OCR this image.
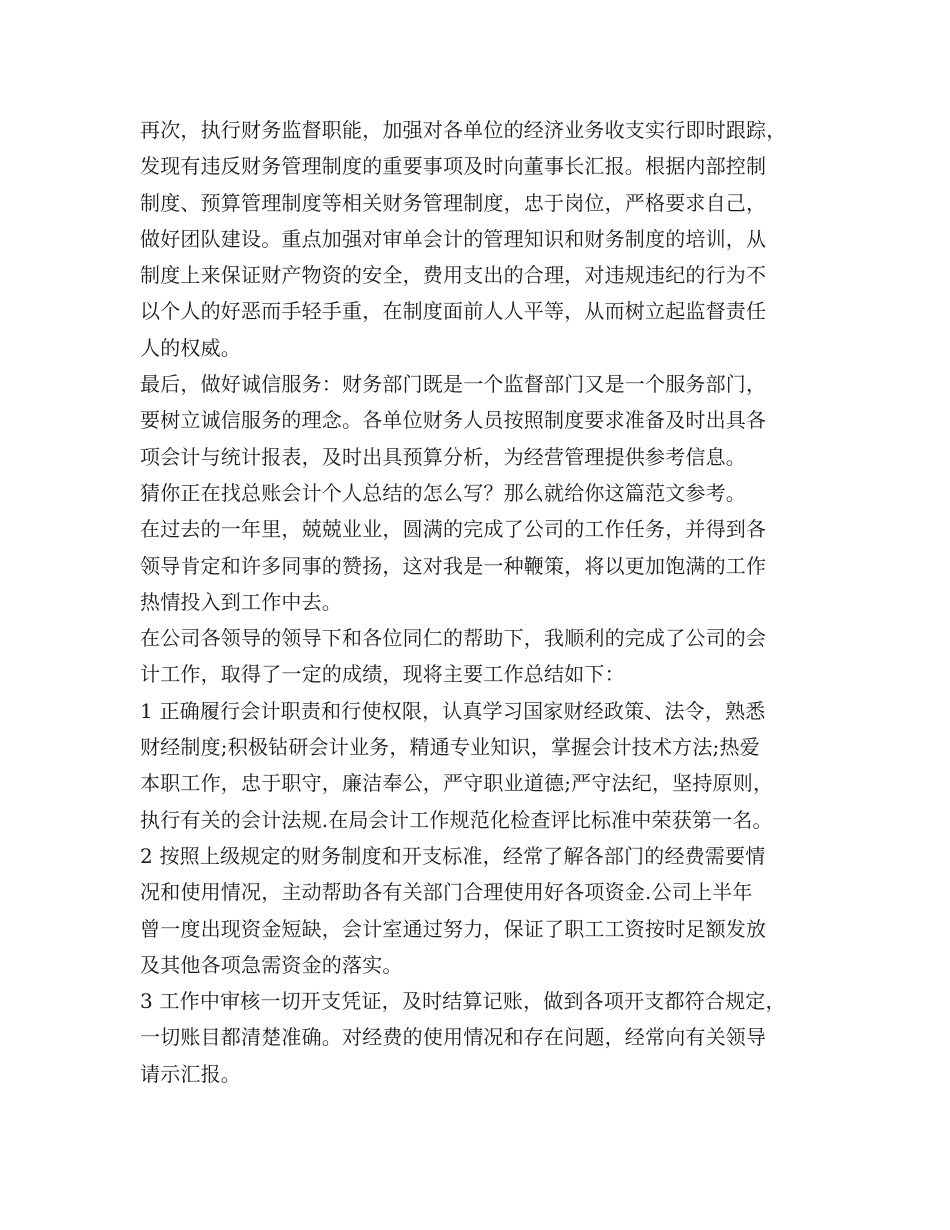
再次，执行财务监督职能，加强对各单位的经济业务收支实行即时跟踪，
发现有违反财务管理制度的重要事项及时向董事长汇报。根据内部控制
制度、预算管理制度等相关财务管理制度，忠于岗位，严格要求自己，
做好团队建设。重点加强对审单会计的管理知识和财务制度的培训，从
制度上来保证财产物资的安全，费用支出的合理，对违规违纪的行为不
以个人的好恶而手轻手重，在制度面前人人平等，从而树立起监督责任
人的权威。
最后，做好诚信服务：财务部门既是一个监督部门又是一个服务部门，
要树立诚信服务的理念。各单位财务人员按照制度要求准备及时出具各
项会计与统计报表，及时出具预算分析，为经营管理提供参考信息。
猜你正在找总账会计个人总结的怎么写？那么就给你这篇范文参考。
在过去的一年里，兢兢业业，圆满的完成了公司的工作任务，并得到各
领导肯定和许多同事的赞扬，这对我是一种鞭策，将以更加饱满的工作
热情投入到工作中去。
在公司各领导的领导下和各位同仁的帮助下，我顺利的完成了公司的会
计工作，取得了一定的成绩，现将主要工作总结如下：
1 正确履行会计职责和行使权限，认真学习国家财经政策、法令，熟悉
财经制度;积极钻研会计业务，精通专业知识，掌握会计技术方法;热爱
本职工作，忠于职守，廉洁奉公，严守职业道德;严守法纪，坚持原则，
执行有关的会计法规.在局会计工作规范化检查评比标准中荣获第一名。
2 按照上级规定的财务制度和开支标准，经常了解各部门的经费需要情
况和使用情况，主动帮助各有关部门合理使用好各项资金.公司上半年
曾一度出现资金短缺，会计室通过努力，保证了职工工资按时足额发放
及其他各项急需资金的落实。
3 工作中审核一切开支凭证，及时结算记账，做到各项开支都符合规定，
一切账目都清楚准确。对经费的使用情况和存在问题，经常向有关领导
请示汇报。
